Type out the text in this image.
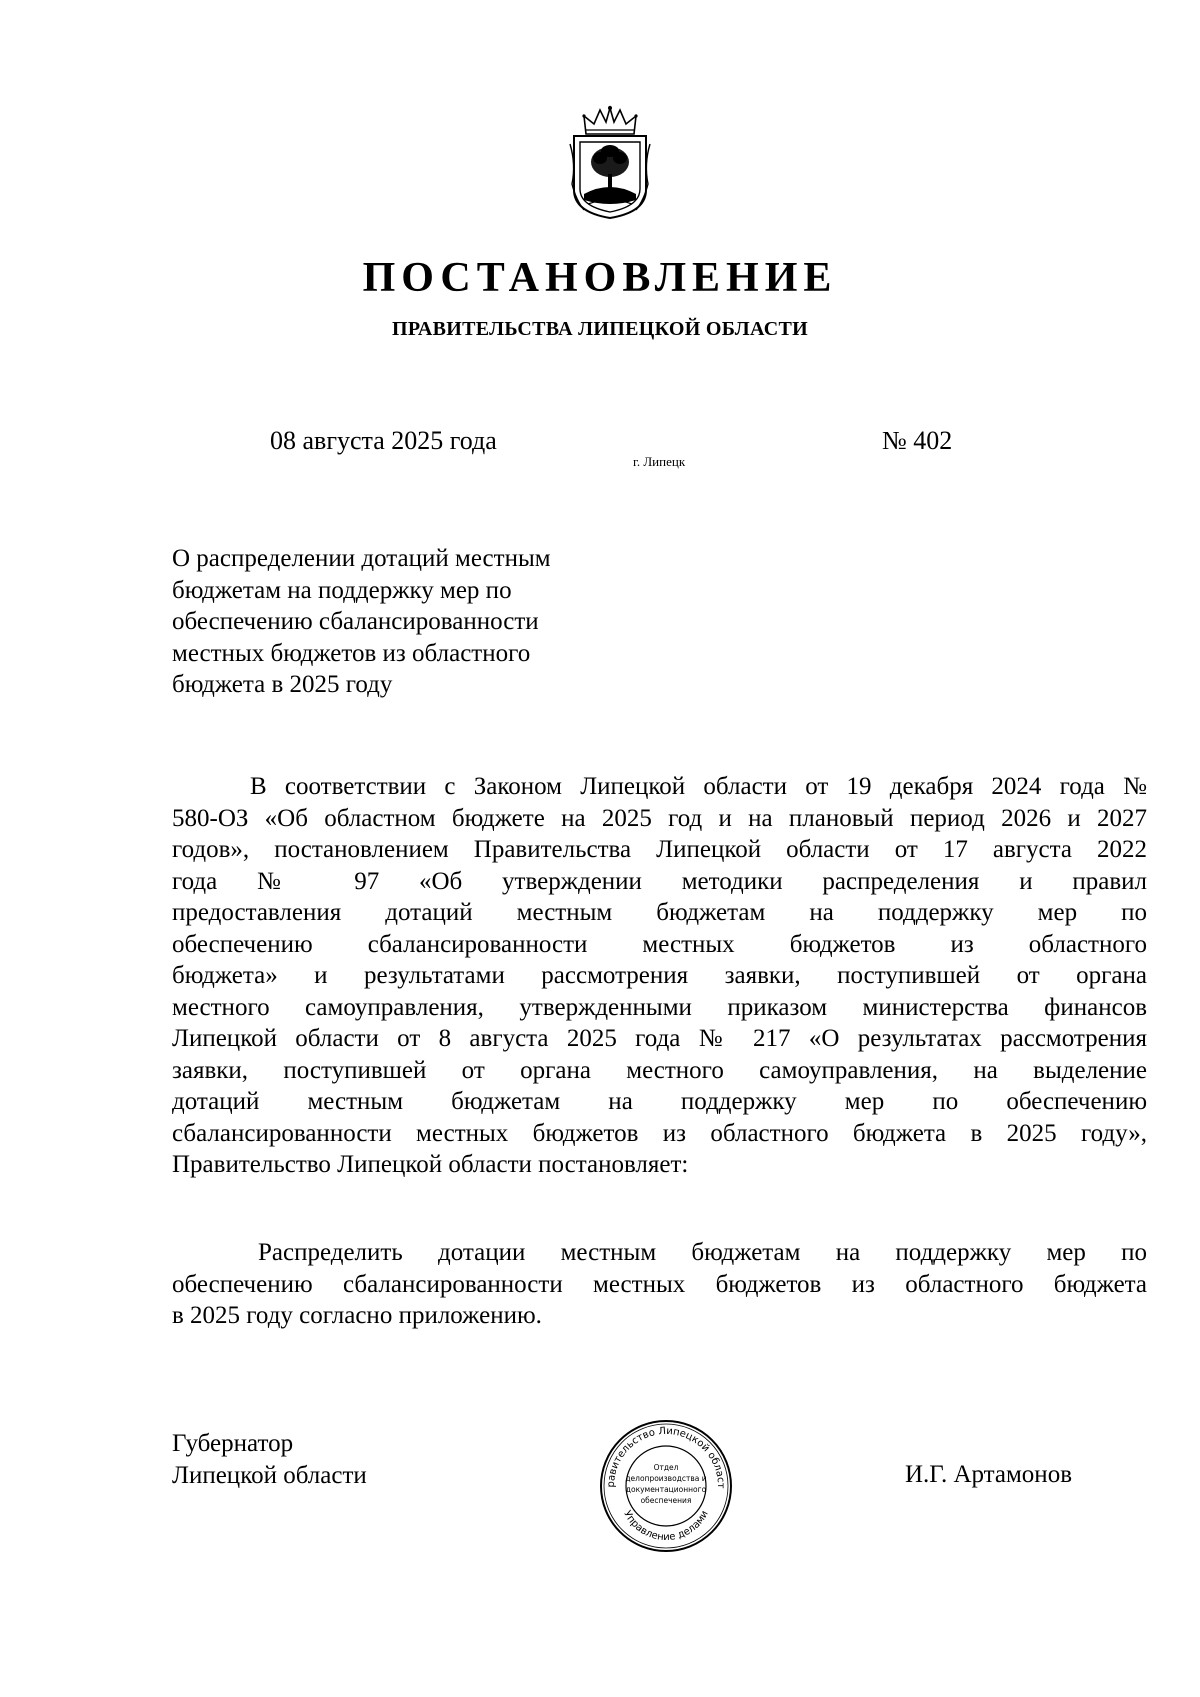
ПОСТАНОВЛЕНИЕ
ПРАВИТЕЛЬСТВА ЛИПЕЦКОЙ ОБЛАСТИ
08 августа 2025 года
г. Липецк
№ 402
О распределении дотаций местным
бюджетам на поддержку мер по
обеспечению сбалансированности
местных бюджетов из областного
бюджета в 2025 году
В соответствии с Законом Липецкой области от 19 декабря 2024 года №
580-ОЗ «Об областном бюджете на 2025 год и на плановый период 2026 и 2027
годов», постановлением Правительства Липецкой области от 17 августа 2022
года № 97 «Об утверждении методики распределения и правил
предоставления дотаций местным бюджетам на поддержку мер по
обеспечению сбалансированности местных бюджетов из областного
бюджета» и результатами рассмотрения заявки, поступившей от органа
местного самоуправления, утвержденными приказом министерства финансов
Липецкой области от 8 августа 2025 года № 217 «О результатах рассмотрения
заявки, поступившей от органа местного самоуправления, на выделение
дотаций местным бюджетам на поддержку мер по обеспечению
сбалансированности местных бюджетов из областного бюджета в 2025 году»,
Правительство Липецкой области постановляет:
Распределить дотации местным бюджетам на поддержку мер по
обеспечению сбалансированности местных бюджетов из областного бюджета
в 2025 году согласно приложению.
Губернатор
Липецкой области	равительство Липецкой област
Управление делами
Отдел
делопроизводства и
документационного
обеспечения
И.Г. Артамонов
